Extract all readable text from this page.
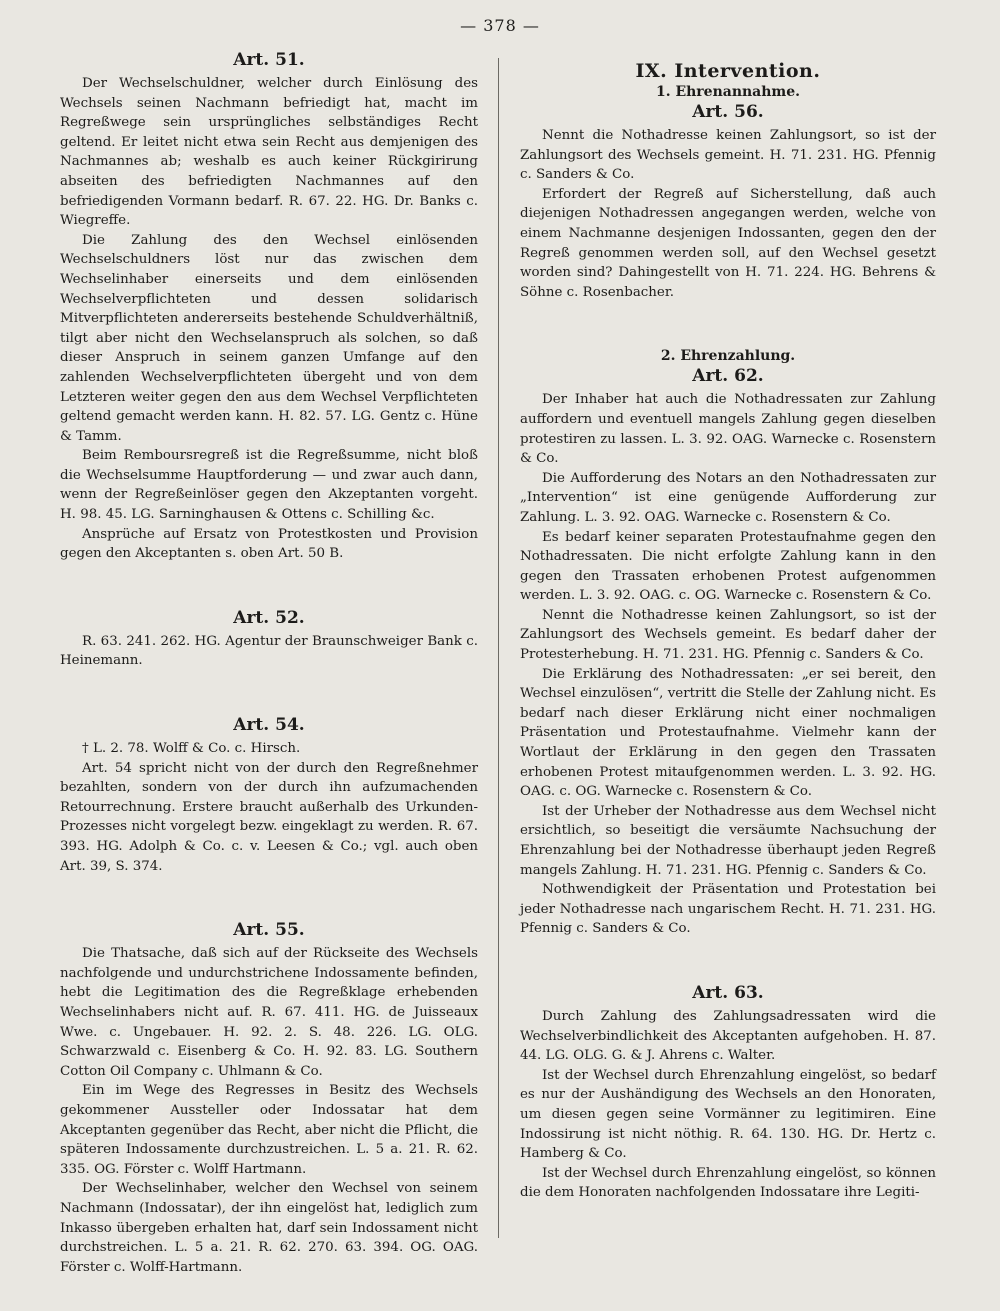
— 378 —
Art. 51.

Der Wechselschuldner, welcher durch Einlösung des Wechsels seinen Nachmann befriedigt hat, macht im Regreßwege sein ursprüngliches selbständiges Recht geltend. Er leitet nicht etwa sein Recht aus demjenigen des Nachmannes ab; weshalb es auch keiner Rückgirirung abseiten des befriedigten Nachmannes auf den befriedigenden Vormann bedarf. R. 67. 22. HG. Dr. Banks c. Wiegreffe.

Die Zahlung des den Wechsel einlösenden Wechselschuldners löst nur das zwischen dem Wechselinhaber einerseits und dem einlösenden Wechselverpflichteten und dessen solidarisch Mitverpflichteten andererseits bestehende Schuldverhältniß, tilgt aber nicht den Wechselanspruch als solchen, so daß dieser Anspruch in seinem ganzen Umfange auf den zahlenden Wechselverpflichteten übergeht und von dem Letzteren weiter gegen den aus dem Wechsel Verpflichteten geltend gemacht werden kann. H. 82. 57. LG. Gentz c. Hüne & Tamm.

Beim Remboursregreß ist die Regreßsumme, nicht bloß die Wechselsumme Hauptforderung — und zwar auch dann, wenn der Regreßeinlöser gegen den Akzeptanten vorgeht. H. 98. 45. LG. Sarninghausen & Ottens c. Schilling &c.

Ansprüche auf Ersatz von Protestkosten und Provision gegen den Akceptanten s. oben Art. 50 B.

Art. 52.

R. 63. 241. 262. HG. Agentur der Braunschweiger Bank c. Heinemann.

Art. 54.

† L. 2. 78. Wolff & Co. c. Hirsch.

Art. 54 spricht nicht von der durch den Regreßnehmer bezahlten, sondern von der durch ihn aufzumachenden Retourrechnung. Erstere braucht außerhalb des Urkunden-Prozesses nicht vorgelegt bezw. eingeklagt zu werden. R. 67. 393. HG. Adolph & Co. c. v. Leesen & Co.; vgl. auch oben Art. 39, S. 374.

Art. 55.

Die Thatsache, daß sich auf der Rückseite des Wechsels nachfolgende und undurchstrichene Indossamente befinden, hebt die Legitimation des die Regreßklage erhebenden Wechselinhabers nicht auf. R. 67. 411. HG. de Juisseaux Wwe. c. Ungebauer. H. 92. 2. S. 48. 226. LG. OLG. Schwarzwald c. Eisenberg & Co. H. 92. 83. LG. Southern Cotton Oil Company c. Uhlmann & Co.

Ein im Wege des Regresses in Besitz des Wechsels gekommener Aussteller oder Indossatar hat dem Akceptanten gegenüber das Recht, aber nicht die Pflicht, die späteren Indossamente durchzustreichen. L. 5 a. 21. R. 62. 335. OG. Förster c. Wolff Hartmann.

Der Wechselinhaber, welcher den Wechsel von seinem Nachmann (Indossatar), der ihn eingelöst hat, lediglich zum Inkasso übergeben erhalten hat, darf sein Indossament nicht durchstreichen. L. 5 a. 21. R. 62. 270. 63. 394. OG. OAG. Förster c. Wolff-Hartmann.

IX. Intervention.
1. Ehrenannahme.
Art. 56.

Nennt die Nothadresse keinen Zahlungsort, so ist der Zahlungsort des Wechsels gemeint. H. 71. 231. HG. Pfennig c. Sanders & Co.

Erfordert der Regreß auf Sicherstellung, daß auch diejenigen Nothadressen angegangen werden, welche von einem Nachmanne desjenigen Indossanten, gegen den der Regreß genommen werden soll, auf den Wechsel gesetzt worden sind? Dahingestellt von H. 71. 224. HG. Behrens & Söhne c. Rosenbacher.

2. Ehrenzahlung.
Art. 62.

Der Inhaber hat auch die Nothadressaten zur Zahlung auffordern und eventuell mangels Zahlung gegen dieselben protestiren zu lassen. L. 3. 92. OAG. Warnecke c. Rosenstern & Co.

Die Aufforderung des Notars an den Nothadressaten zur „Intervention“ ist eine genügende Aufforderung zur Zahlung. L. 3. 92. OAG. Warnecke c. Rosenstern & Co.

Es bedarf keiner separaten Protestaufnahme gegen den Nothadressaten. Die nicht erfolgte Zahlung kann in den gegen den Trassaten erhobenen Protest aufgenommen werden. L. 3. 92. OAG. c. OG. Warnecke c. Rosenstern & Co.

Nennt die Nothadresse keinen Zahlungsort, so ist der Zahlungsort des Wechsels gemeint. Es bedarf daher der Protesterhebung. H. 71. 231. HG. Pfennig c. Sanders & Co.

Die Erklärung des Nothadressaten: „er sei bereit, den Wechsel einzulösen“, vertritt die Stelle der Zahlung nicht. Es bedarf nach dieser Erklärung nicht einer nochmaligen Präsentation und Protestaufnahme. Vielmehr kann der Wortlaut der Erklärung in den gegen den Trassaten erhobenen Protest mitaufgenommen werden. L. 3. 92. HG. OAG. c. OG. Warnecke c. Rosenstern & Co.

Ist der Urheber der Nothadresse aus dem Wechsel nicht ersichtlich, so beseitigt die versäumte Nachsuchung der Ehrenzahlung bei der Nothadresse überhaupt jeden Regreß mangels Zahlung. H. 71. 231. HG. Pfennig c. Sanders & Co.

Nothwendigkeit der Präsentation und Protestation bei jeder Nothadresse nach ungarischem Recht. H. 71. 231. HG. Pfennig c. Sanders & Co.

Art. 63.

Durch Zahlung des Zahlungsadressaten wird die Wechselverbindlichkeit des Akceptanten aufgehoben. H. 87. 44. LG. OLG. G. & J. Ahrens c. Walter.

Ist der Wechsel durch Ehrenzahlung eingelöst, so bedarf es nur der Aushändigung des Wechsels an den Honoraten, um diesen gegen seine Vormänner zu legitimiren. Eine Indossirung ist nicht nöthig. R. 64. 130. HG. Dr. Hertz c. Hamberg & Co.

Ist der Wechsel durch Ehrenzahlung eingelöst, so können die dem Honoraten nachfolgenden Indossatare ihre Legiti-
